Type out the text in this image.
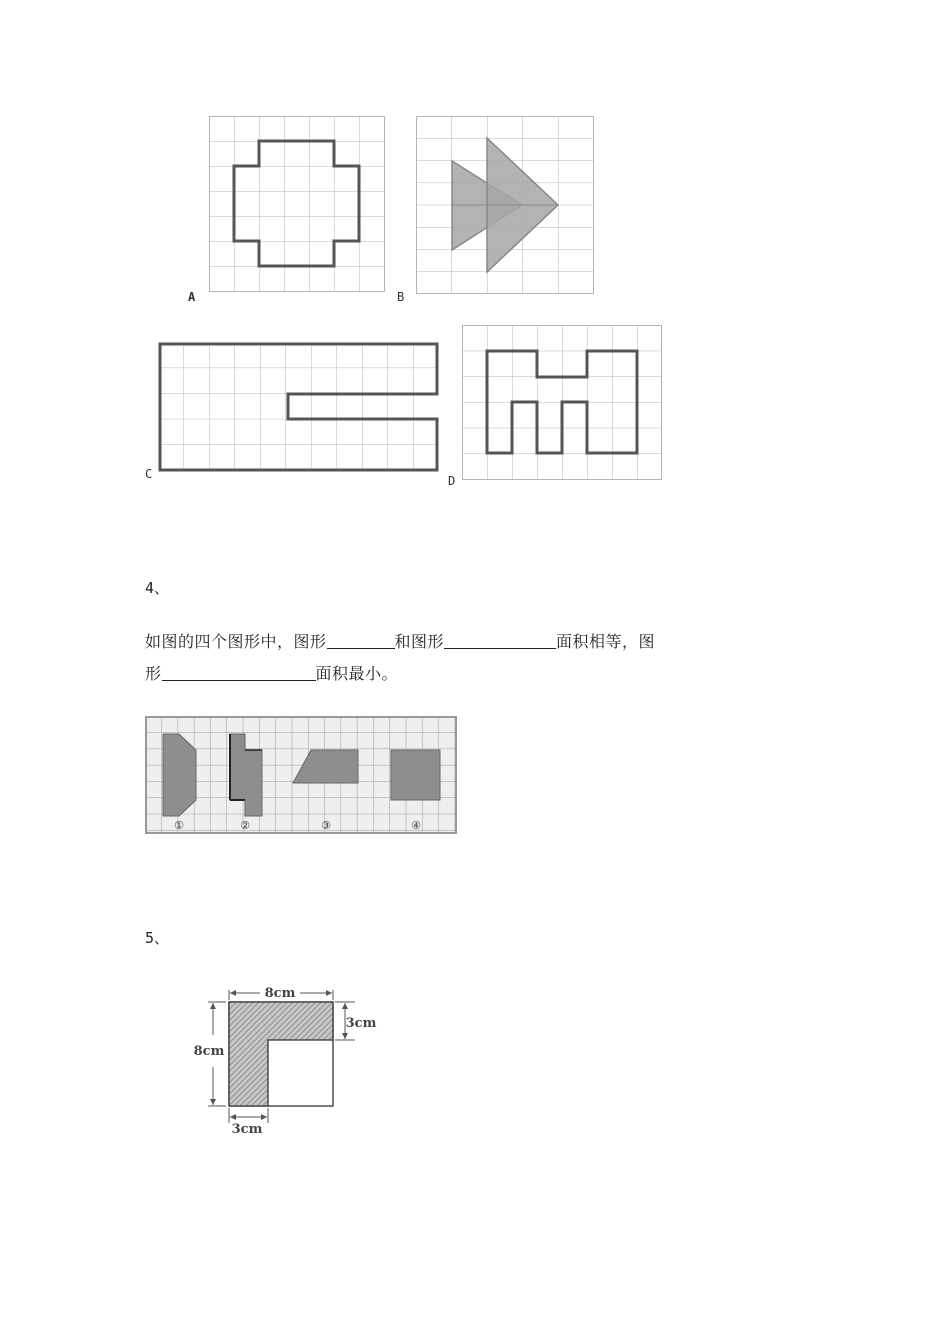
A	B
C	D
4、
如图的四个图形中，图形	和图形	面积相等，图
形	面积最小。
①	②	③	④
5、
8cm
8cm
3cm
3cm
